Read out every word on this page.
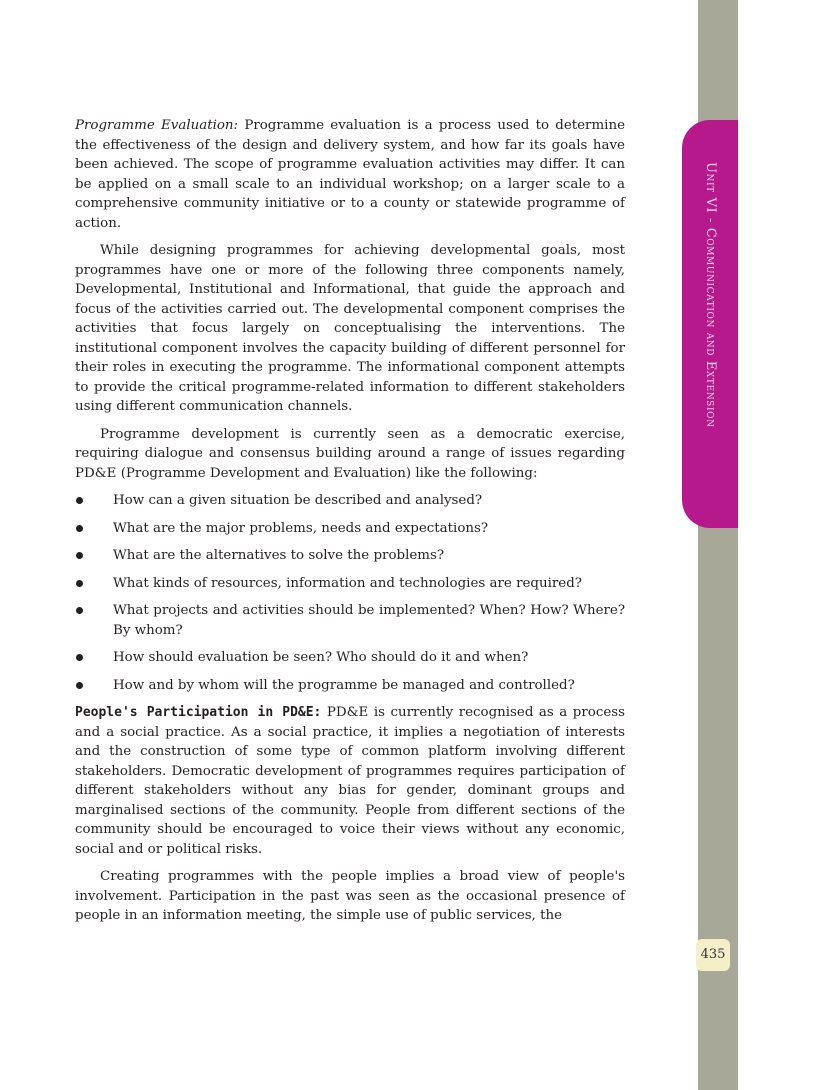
Unit VI - Communication and Extension
435

Programme Evaluation: Programme evaluation is a process used to determine the effectiveness of the design and delivery system, and how far its goals have been achieved. The scope of programme evaluation activities may differ. It can be applied on a small scale to an individual workshop; on a larger scale to a comprehensive community initiative or to a county or statewide programme of action.

While designing programmes for achieving developmental goals, most programmes have one or more of the following three components namely, Developmental, Institutional and Informational, that guide the approach and focus of the activities carried out. The developmental component comprises the activities that focus largely on conceptualising the interventions. The institutional component involves the capacity building of different personnel for their roles in executing the programme. The informational component attempts to provide the critical programme-related information to different stakeholders using different communication channels.

Programme development is currently seen as a democratic exercise, requiring dialogue and consensus building around a range of issues regarding PD&E (Programme Development and Evaluation) like the following:

How can a given situation be described and analysed?
What are the major problems, needs and expectations?
What are the alternatives to solve the problems?
What kinds of resources, information and technologies are required?
What projects and activities should be implemented? When? How? Where? By whom?
How should evaluation be seen? Who should do it and when?
How and by whom will the programme be managed and controlled?

People's Participation in PD&E: PD&E is currently recognised as a process and a social practice. As a social practice, it implies a negotiation of interests and the construction of some type of common platform involving different stakeholders. Democratic development of programmes requires participation of different stakeholders without any bias for gender, dominant groups and marginalised sections of the community. People from different sections of the community should be encouraged to voice their views without any economic, social and or political risks.

Creating programmes with the people implies a broad view of people's involvement. Participation in the past was seen as the occasional presence of people in an information meeting, the simple use of public services, the
